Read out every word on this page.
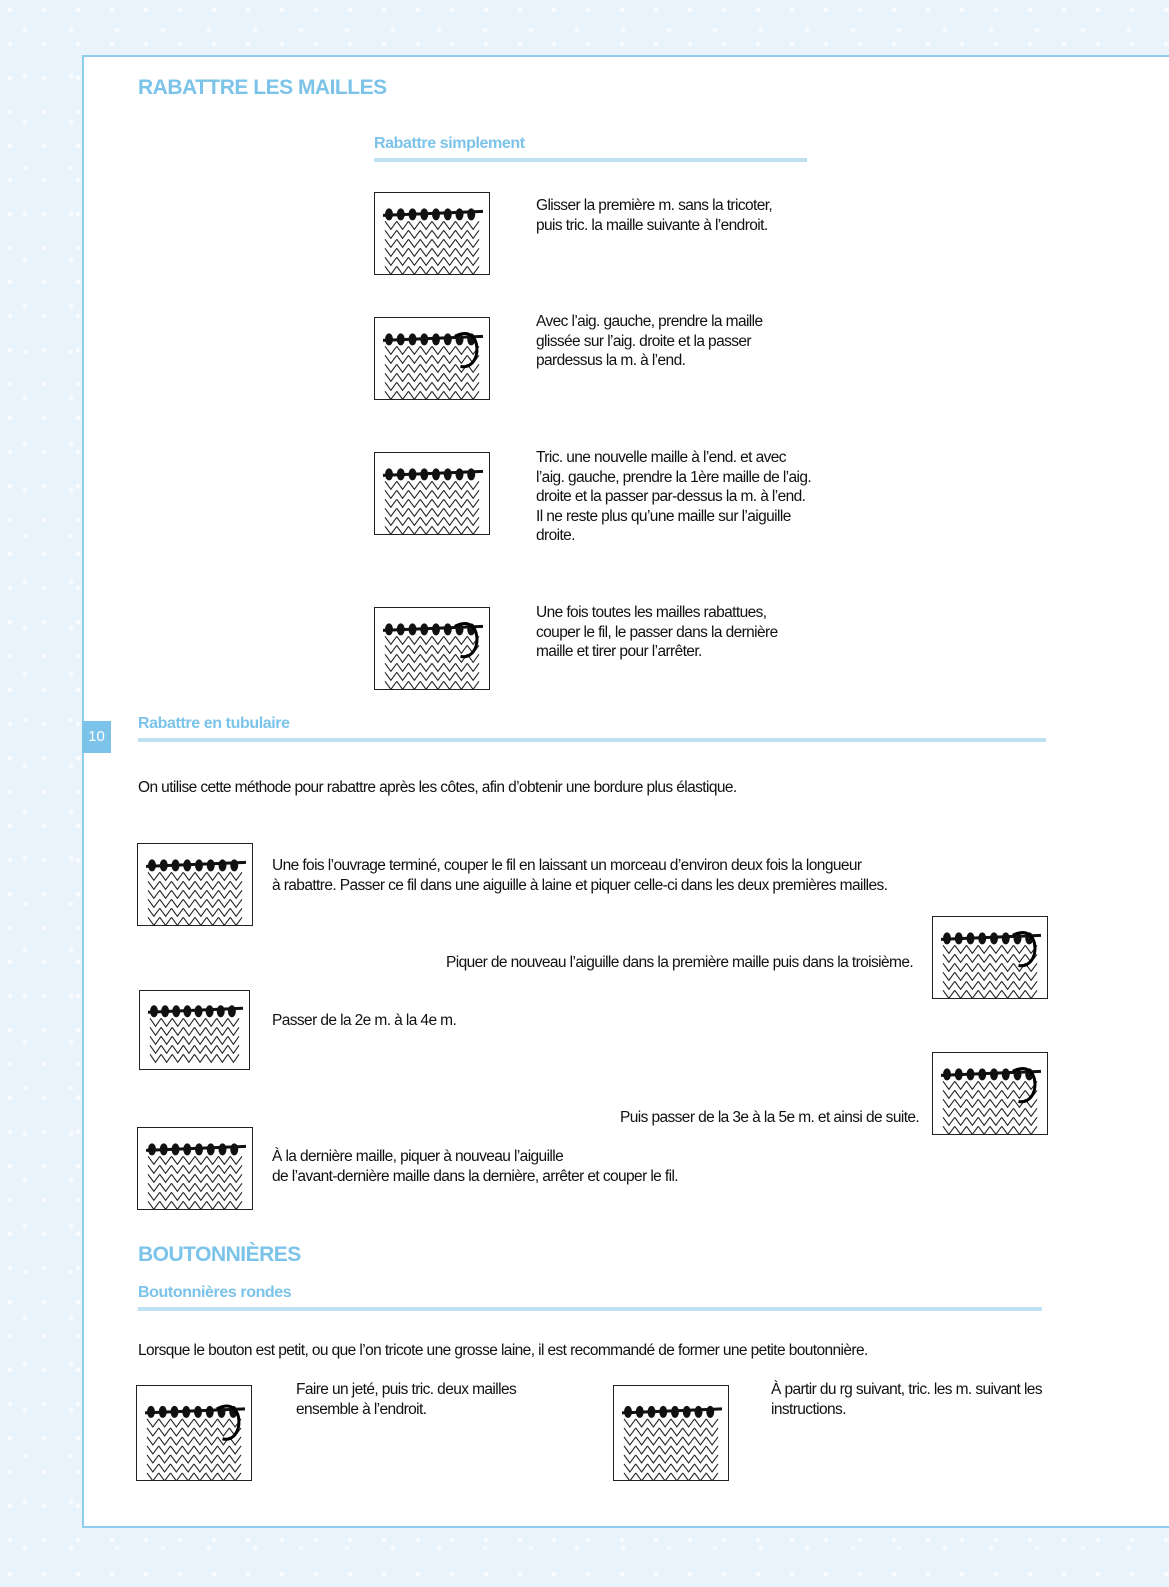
10
RABATTRE LES MAILLES
Rabattre simplement
Glisser la première m. sans la tricoter,
puis tric. la maille suivante à l’endroit.
Avec l’aig. gauche, prendre la maille
glissée sur l’aig. droite et la passer
pardessus la m. à l’end.
Tric. une nouvelle maille à l’end. et avec
l’aig. gauche, prendre la 1ère maille de l’aig.
droite et la passer par-dessus la m. à l’end.
Il ne reste plus qu’une maille sur l’aiguille
droite.
Une fois toutes les mailles rabattues,
couper le fil, le passer dans la dernière
maille et tirer pour l’arrêter.
Rabattre en tubulaire
On utilise cette méthode pour rabattre après les côtes, afin d’obtenir une bordure plus élastique.
Une fois l’ouvrage terminé, couper le fil en laissant un morceau d’environ deux fois la longueur
à rabattre. Passer ce fil dans une aiguille à laine et piquer celle-ci dans les deux premières mailles.
Piquer de nouveau l’aiguille dans la première maille puis dans la troisième.
Passer de la 2e m. à la 4e m.
Puis passer de la 3e à la 5e m. et ainsi de suite.
À la dernière maille, piquer à nouveau l’aiguille
de l’avant-dernière maille dans la dernière, arrêter et couper le fil.
BOUTONNIÈRES
Boutonnières rondes
Lorsque le bouton est petit, ou que l’on tricote une grosse laine, il est recommandé de former une petite boutonnière.
Faire un jeté, puis tric. deux mailles
ensemble à l’endroit.
À partir du rg suivant, tric. les m. suivant les
instructions.
